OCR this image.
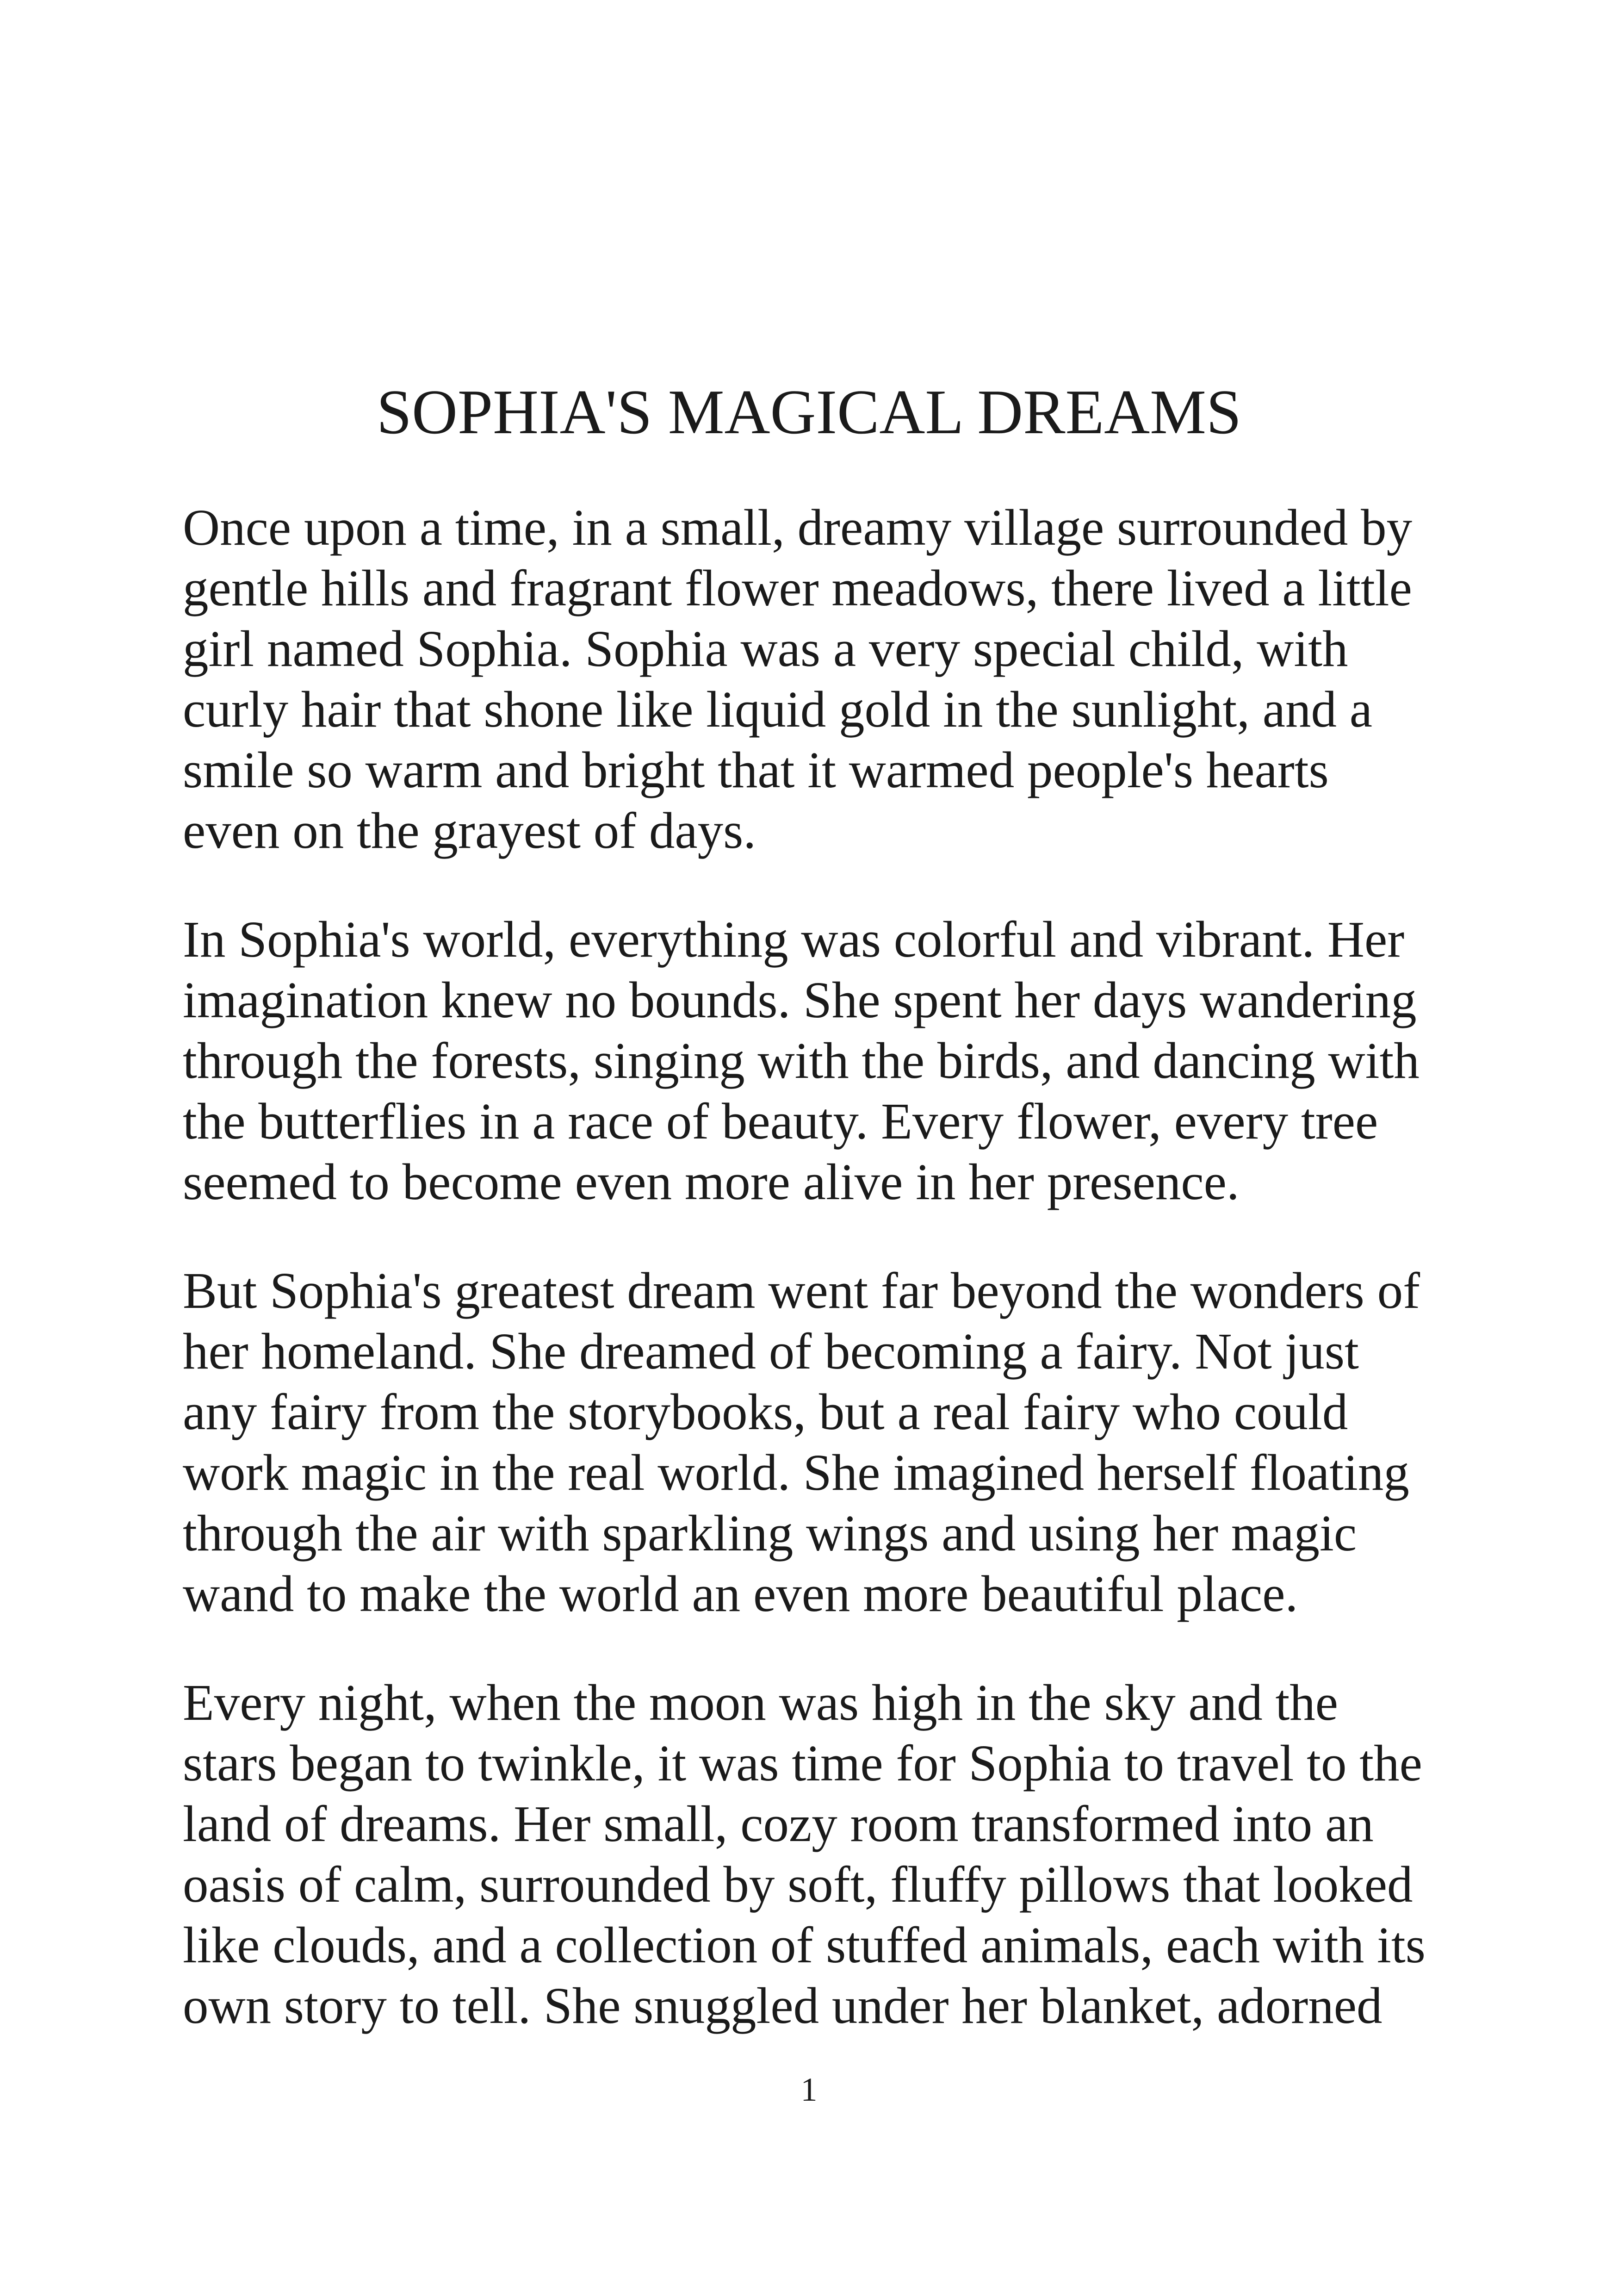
SOPHIA'S MAGICAL DREAMS

Once upon a time, in a small, dreamy village surrounded by
gentle hills and fragrant flower meadows, there lived a little
girl named Sophia. Sophia was a very special child, with
curly hair that shone like liquid gold in the sunlight, and a
smile so warm and bright that it warmed people's hearts
even on the grayest of days.

In Sophia's world, everything was colorful and vibrant. Her
imagination knew no bounds. She spent her days wandering
through the forests, singing with the birds, and dancing with
the butterflies in a race of beauty. Every flower, every tree
seemed to become even more alive in her presence.

But Sophia's greatest dream went far beyond the wonders of
her homeland. She dreamed of becoming a fairy. Not just
any fairy from the storybooks, but a real fairy who could
work magic in the real world. She imagined herself floating
through the air with sparkling wings and using her magic
wand to make the world an even more beautiful place.

Every night, when the moon was high in the sky and the
stars began to twinkle, it was time for Sophia to travel to the
land of dreams. Her small, cozy room transformed into an
oasis of calm, surrounded by soft, fluffy pillows that looked
like clouds, and a collection of stuffed animals, each with its
own story to tell. She snuggled under her blanket, adorned

1
